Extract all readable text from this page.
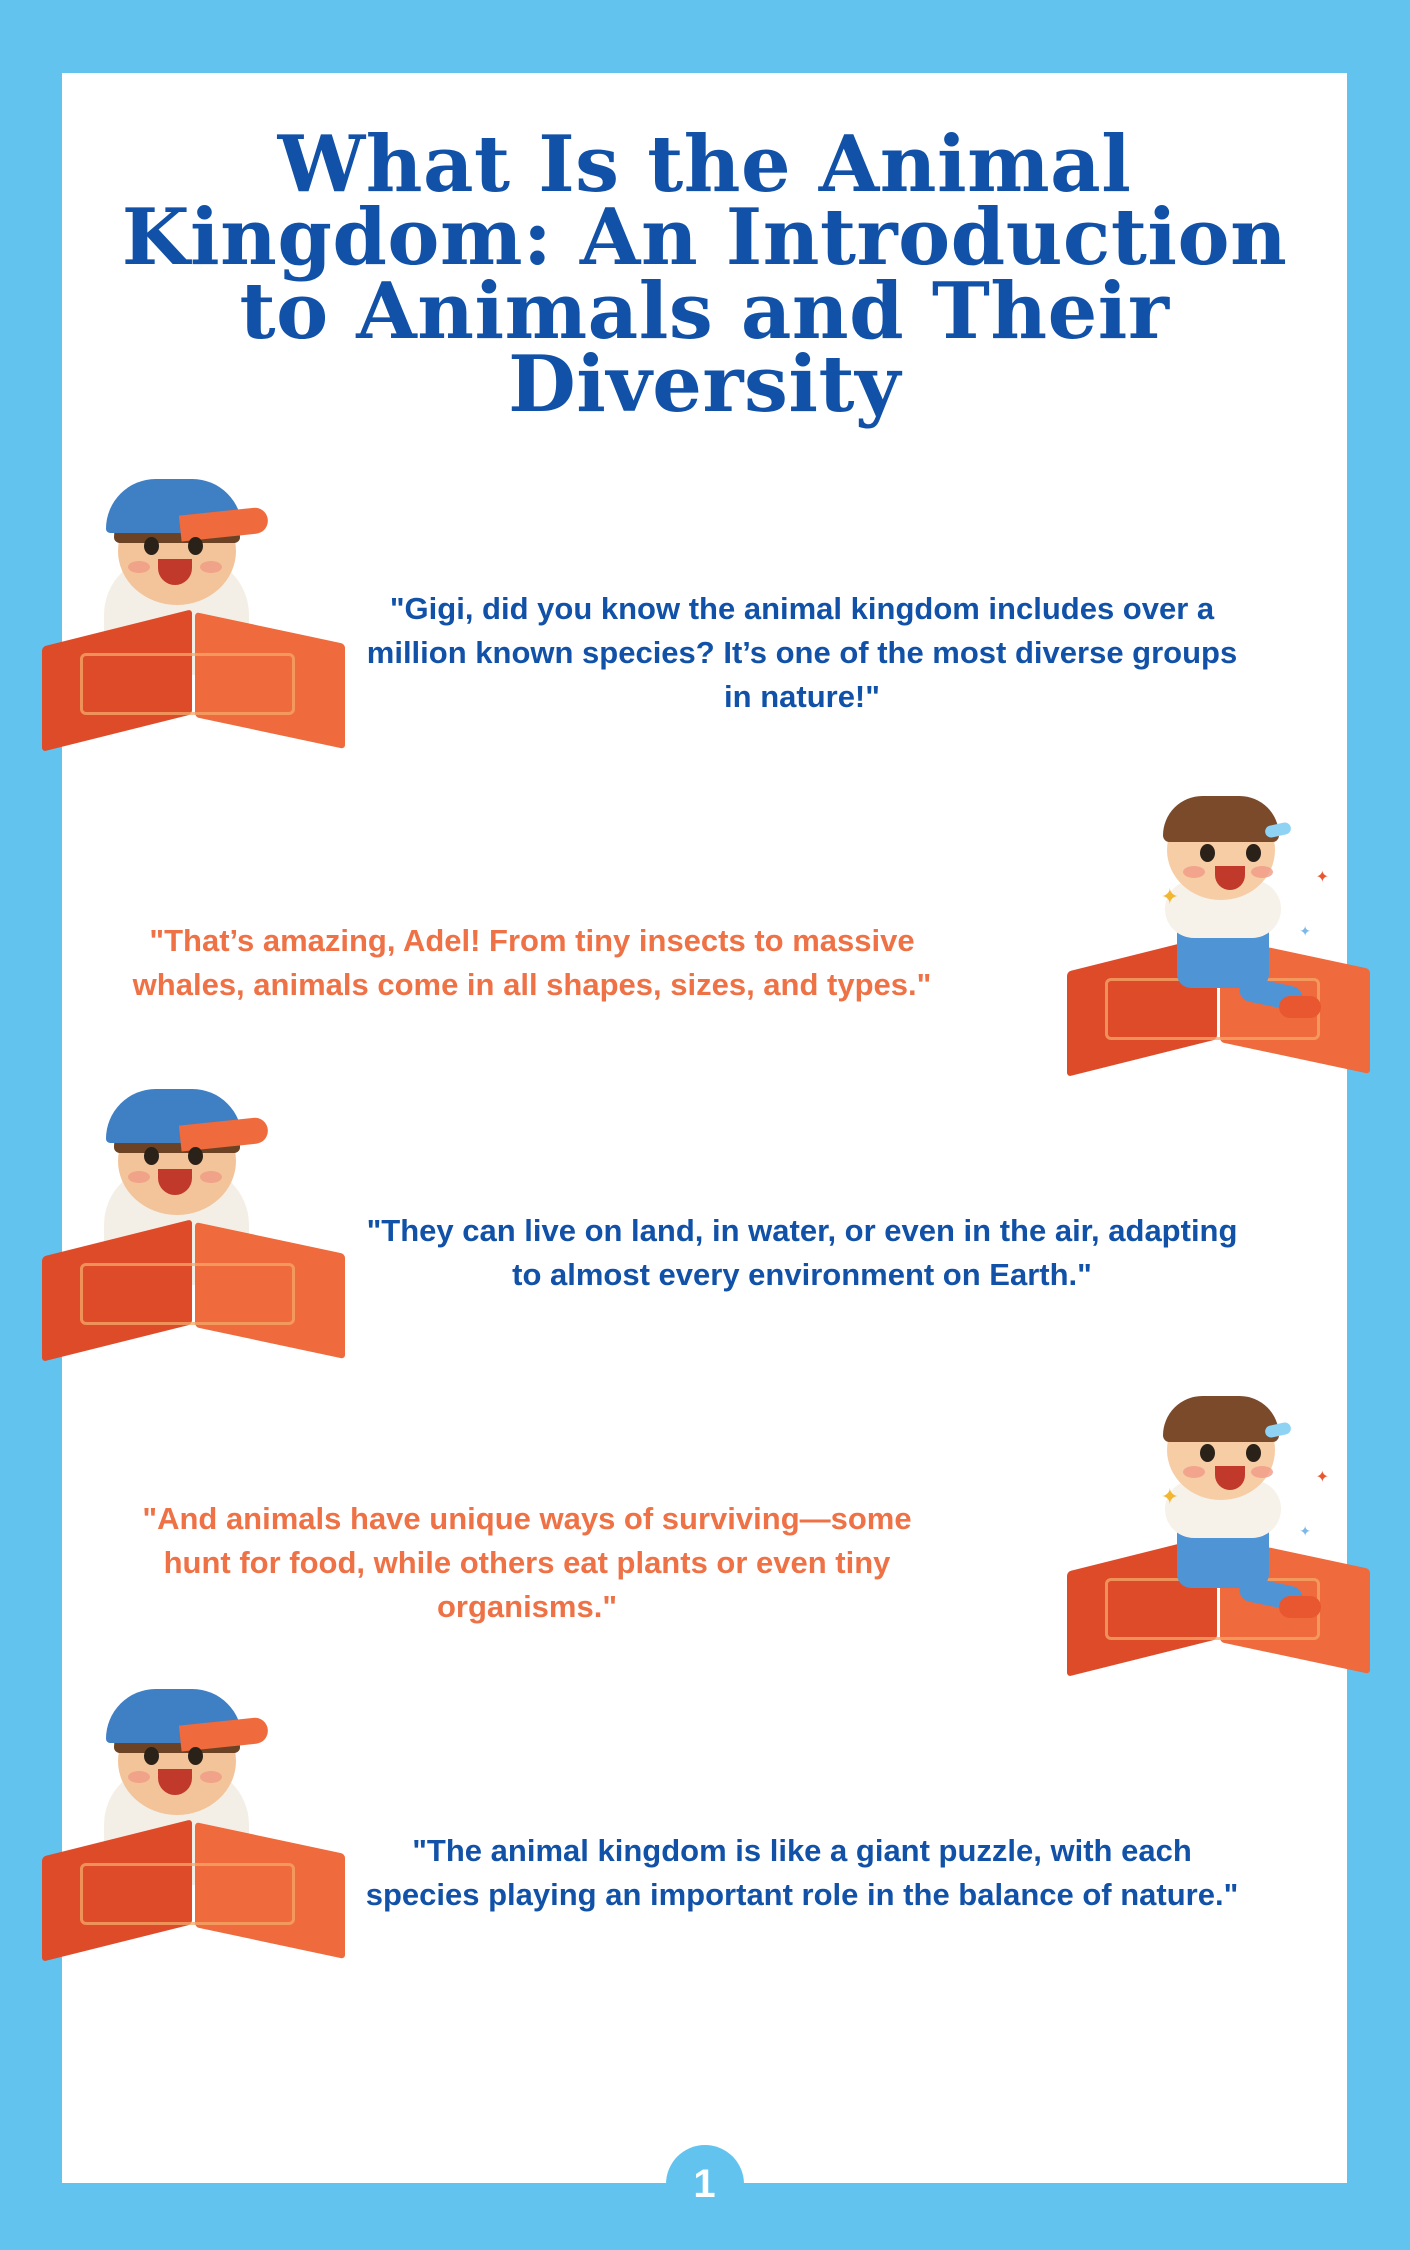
What Is the Animal Kingdom: An Introduction to Animals and Their Diversity
"Gigi, did you know the animal kingdom includes over a million known species? It’s one of the most diverse groups in nature!"
"That’s amazing, Adel! From tiny insects to massive whales, animals come in all shapes, sizes, and types."
"They can live on land, in water, or even in the air, adapting to almost every environment on Earth."
"And animals have unique ways of surviving—some hunt for food, while others eat plants or even tiny organisms."
"The animal kingdom is like a giant puzzle, with each species playing an important role in the balance of nature."
✦
✦
✦
✦
✦
✦
1
